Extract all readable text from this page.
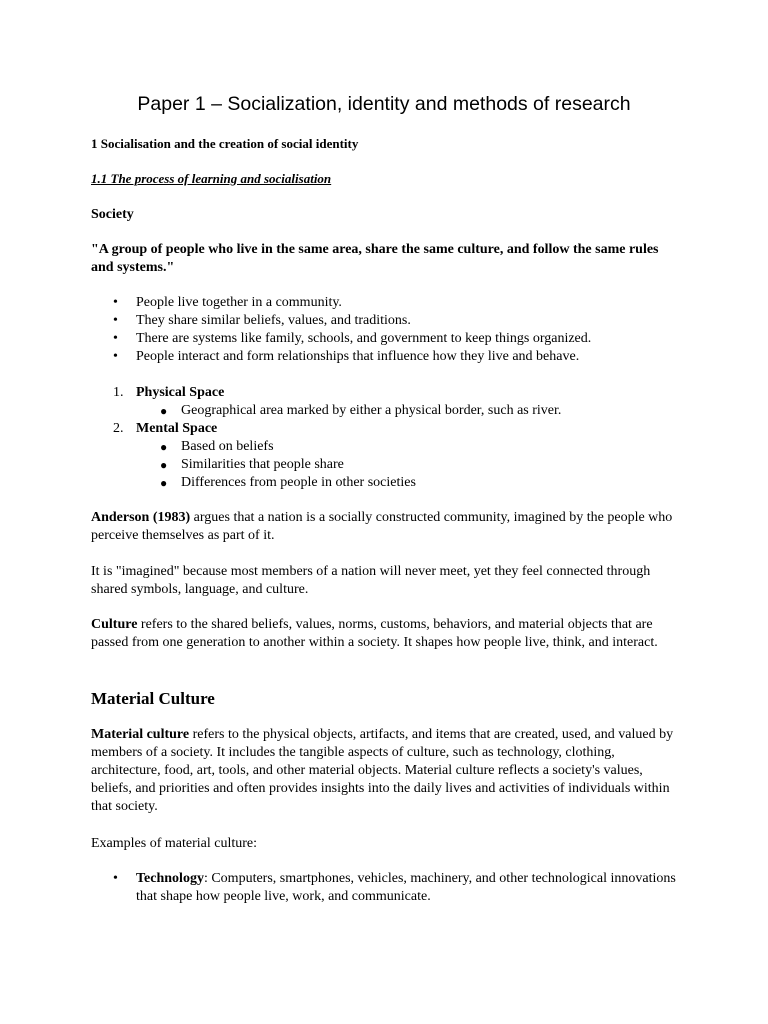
Paper 1 – Socialization, identity and methods of research

1 Socialisation and the creation of social identity

1.1 The process of learning and socialisation

Society

"A group of people who live in the same area, share the same culture, and follow the same rules and systems."

• People live together in a community.
• They share similar beliefs, values, and traditions.
• There are systems like family, schools, and government to keep things organized.
• People interact and form relationships that influence how they live and behave.
1. Physical Space
● Geographical area marked by either a physical border, such as river.
2. Mental Space
● Based on beliefs
● Similarities that people share
● Differences from people in other societies

Anderson (1983) argues that a nation is a socially constructed community, imagined by the people who perceive themselves as part of it.

It is "imagined" because most members of a nation will never meet, yet they feel connected through shared symbols, language, and culture.

Culture refers to the shared beliefs, values, norms, customs, behaviors, and material objects that are passed from one generation to another within a society. It shapes how people live, think, and interact.

Material Culture

Material culture refers to the physical objects, artifacts, and items that are created, used, and valued by members of a society. It includes the tangible aspects of culture, such as technology, clothing, architecture, food, art, tools, and other material objects. Material culture reflects a society's values, beliefs, and priorities and often provides insights into the daily lives and activities of individuals within that society.

Examples of material culture:

• Technology: Computers, smartphones, vehicles, machinery, and other technological innovations that shape how people live, work, and communicate.
